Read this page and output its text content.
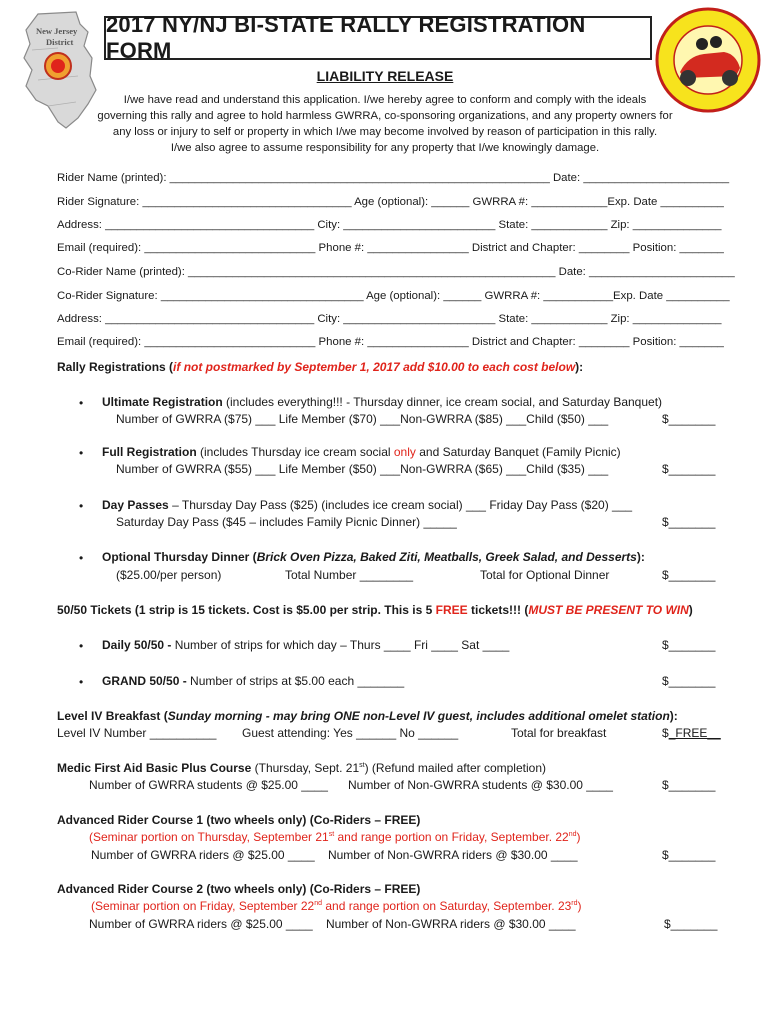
New Jersey
District
2017 NY/NJ BI-STATE RALLY REGISTRATION FORM
LIABILITY RELEASE
I/we have read and understand this application. I/we hereby agree to conform and comply with the ideals
governing this rally and agree to hold harmless GWRRA, co-sponsoring organizations, and any property owners for
any loss or injury to self or property in which I/we may become involved by reason of participation in this rally.
I/we also agree to assume responsibility for any property that I/we knowingly damage.
Rider Name (printed): ____________________________________________________________ Date: _______________________
Rider Signature: _________________________________ Age (optional): ______ GWRRA #: ____________Exp. Date __________
Address: _________________________________ City: ________________________ State: ____________ Zip: ______________
Email (required): ___________________________ Phone #: ________________ District and Chapter: ________ Position: _______
Co-Rider Name (printed): __________________________________________________________ Date: _______________________
Co-Rider Signature: ________________________________ Age (optional): ______ GWRRA #: ___________Exp. Date __________
Address: _________________________________ City: ________________________ State: ____________ Zip: ______________
Email (required): ___________________________ Phone #: ________________ District and Chapter: ________ Position: _______
Rally Registrations (if not postmarked by September 1, 2017 add $10.00 to each cost below):
• Ultimate Registration (includes everything!!! - Thursday dinner, ice cream social, and Saturday Banquet)
Number of GWRRA ($75) ___ Life Member ($70) ___Non-GWRRA ($85) ___Child ($50) ___	$_______
• Full Registration (includes Thursday ice cream social only and Saturday Banquet (Family Picnic)
Number of GWRRA ($55) ___ Life Member ($50) ___Non-GWRRA ($65) ___Child ($35) ___	$_______
• Day Passes – Thursday Day Pass ($25) (includes ice cream social) ___ Friday Day Pass ($20) ___
Saturday Day Pass ($45 – includes Family Picnic Dinner) _____	$_______
• Optional Thursday Dinner (Brick Oven Pizza, Baked Ziti, Meatballs, Greek Salad, and Desserts):
($25.00/per person)	Total Number ________	Total for Optional Dinner	$_______
50/50 Tickets (1 strip is 15 tickets. Cost is $5.00 per strip. This is 5 FREE tickets!!! (MUST BE PRESENT TO WIN)
• Daily 50/50 - Number of strips for which day – Thurs ____ Fri ____ Sat ____	$_______
• GRAND 50/50 - Number of strips at $5.00 each _______	$_______
Level IV Breakfast (Sunday morning - may bring ONE non-Level IV guest, includes additional omelet station):
Level IV Number __________ Guest attending: Yes ______ No ______	Total for breakfast	$_FREE__
Medic First Aid Basic Plus Course (Thursday, Sept. 21st) (Refund mailed after completion)
Number of GWRRA students @ $25.00 ____      Number of Non-GWRRA students @ $30.00 ____	$_______
Advanced Rider Course 1 (two wheels only) (Co-Riders – FREE)
(Seminar portion on Thursday, September 21st and range portion on Friday, September. 22nd)
Number of GWRRA riders @ $25.00 ____    Number of Non-GWRRA riders @ $30.00 ____	$_______
Advanced Rider Course 2 (two wheels only) (Co-Riders – FREE)
(Seminar portion on Friday, September 22nd and range portion on Saturday, September. 23rd)
Number of GWRRA riders @ $25.00 ____    Number of Non-GWRRA riders @ $30.00 ____	$_______
